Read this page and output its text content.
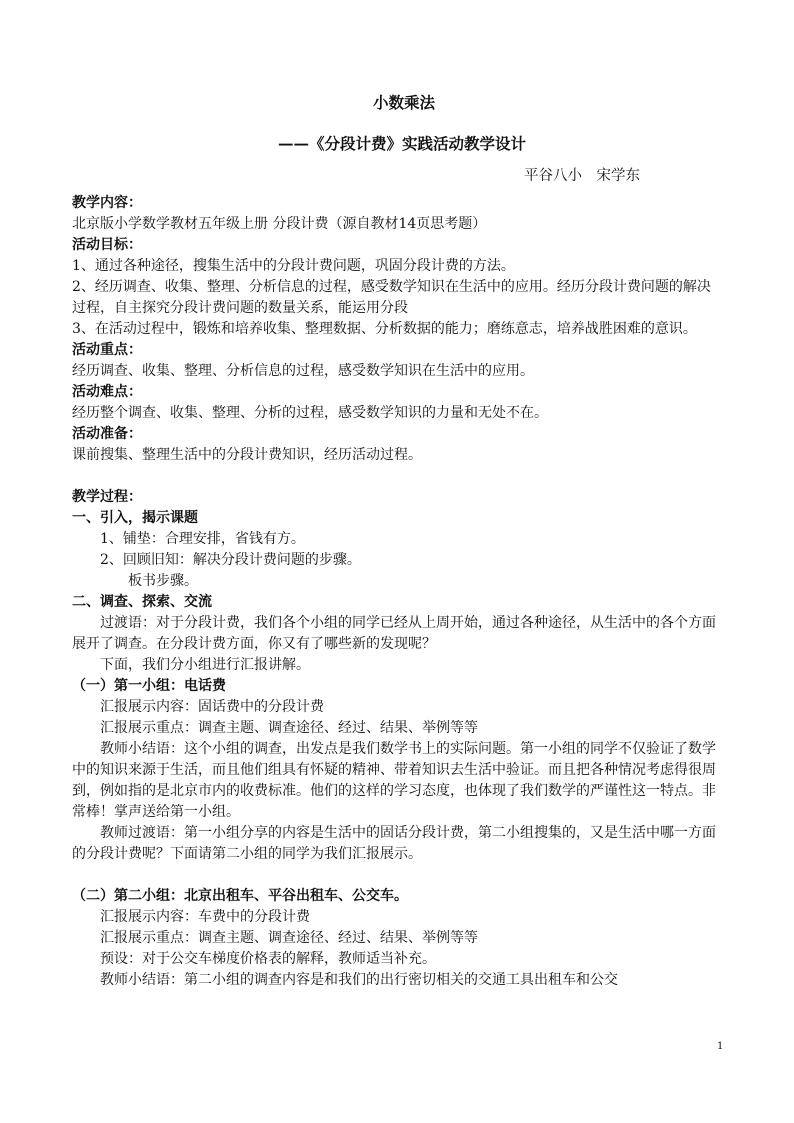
小数乘法

——《分段计费》实践活动教学设计

平谷八小　宋学东

教学内容：

北京版小学数学教材五年级上册 分段计费（源自教材14页思考题）

活动目标：

1、通过各种途径，搜集生活中的分段计费问题，巩固分段计费的方法。

2、经历调查、收集、整理、分析信息的过程，感受数学知识在生活中的应用。经历分段计费问题的解决过程，自主探究分段计费问题的数量关系，能运用分段

3、在活动过程中，锻炼和培养收集、整理数据、分析数据的能力；磨练意志，培养战胜困难的意识。

活动重点：

经历调查、收集、整理、分析信息的过程，感受数学知识在生活中的应用。

活动难点：

经历整个调查、收集、整理、分析的过程，感受数学知识的力量和无处不在。

活动准备：

课前搜集、整理生活中的分段计费知识，经历活动过程。

教学过程：

一、引入，揭示课题

1、铺垫：合理安排，省钱有方。

2、回顾旧知：解决分段计费问题的步骤。

板书步骤。

二、调查、探索、交流

过渡语：对于分段计费，我们各个小组的同学已经从上周开始，通过各种途径，从生活中的各个方面展开了调查。在分段计费方面，你又有了哪些新的发现呢？

下面，我们分小组进行汇报讲解。

（一）第一小组：电话费

汇报展示内容：固话费中的分段计费

汇报展示重点：调查主题、调查途径、经过、结果、举例等等

教师小结语：这个小组的调查，出发点是我们数学书上的实际问题。第一小组的同学不仅验证了数学中的知识来源于生活，而且他们组具有怀疑的精神、带着知识去生活中验证。而且把各种情况考虑得很周到，例如指的是北京市内的收费标准。他们的这样的学习态度，也体现了我们数学的严谨性这一特点。非常棒！掌声送给第一小组。

教师过渡语：第一小组分享的内容是生活中的固话分段计费，第二小组搜集的，又是生活中哪一方面的分段计费呢？下面请第二小组的同学为我们汇报展示。

（二）第二小组：北京出租车、平谷出租车、公交车。

汇报展示内容：车费中的分段计费

汇报展示重点：调查主题、调查途径、经过、结果、举例等等

预设：对于公交车梯度价格表的解释，教师适当补充。

教师小结语：第二小组的调查内容是和我们的出行密切相关的交通工具出租车和公交

1
